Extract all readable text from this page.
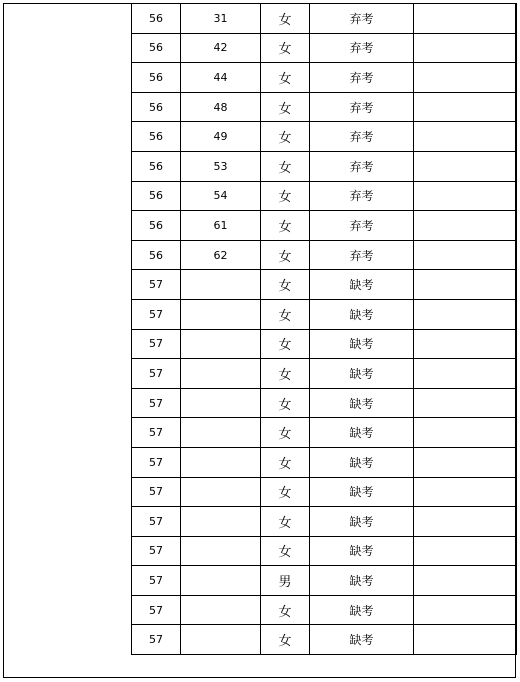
56	31	女	弃考	
56	42	女	弃考	
56	44	女	弃考	
56	48	女	弃考	
56	49	女	弃考	
56	53	女	弃考	
56	54	女	弃考	
56	61	女	弃考	
56	62	女	弃考	
57		女	缺考	
57		女	缺考	
57		女	缺考	
57		女	缺考	
57		女	缺考	
57		女	缺考	
57		女	缺考	
57		女	缺考	
57		女	缺考	
57		女	缺考	
57		男	缺考	
57		女	缺考	
57		女	缺考	
